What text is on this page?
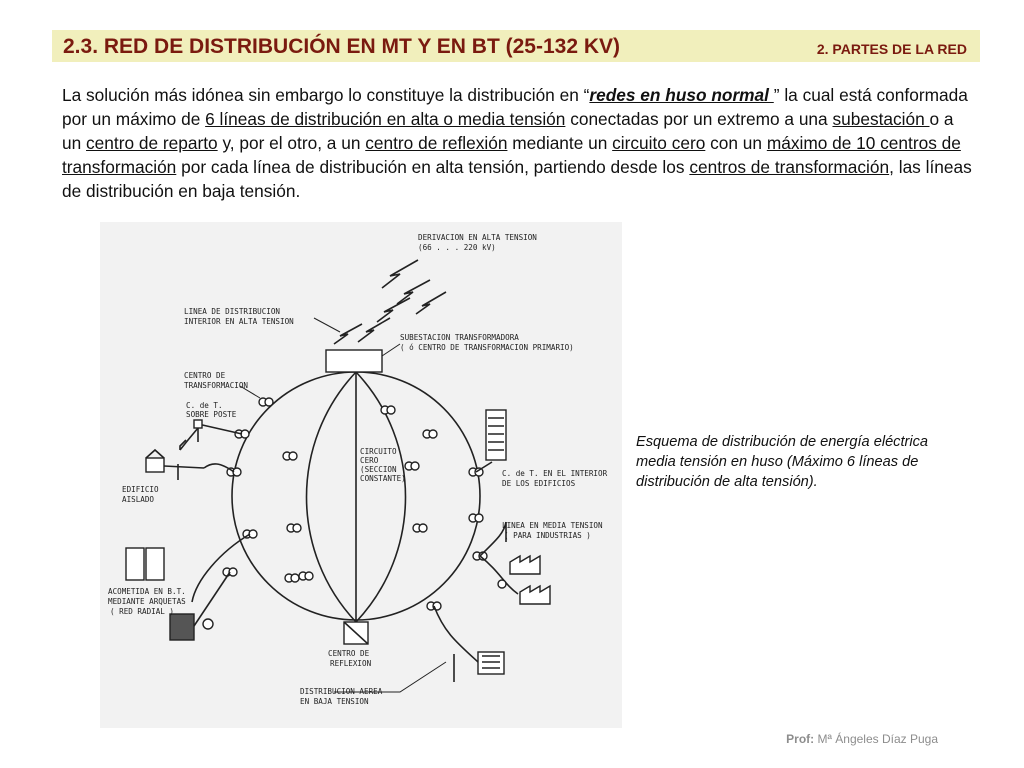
2.3. RED DE DISTRIBUCIÓN EN MT Y EN BT (25-132 KV)	2. PARTES DE LA RED
La solución más idónea sin embargo lo constituye la distribución en “redes en huso normal ” la cual está conformada por un máximo de 6 líneas de distribución en alta o media tensión conectadas por un extremo a una subestación o a un centro de reparto y, por el otro, a un centro de reflexión mediante un circuito cero con un máximo de 10 centros de transformación por cada línea de distribución en alta tensión, partiendo desde los centros de transformación, las líneas de distribución en baja tensión.
DERIVACION EN ALTA TENSION
(66 . . . 220 kV)
LINEA DE DISTRIBUCION
INTERIOR EN ALTA TENSION
SUBESTACION TRANSFORMADORA
( ó CENTRO DE TRANSFORMACION PRIMARIO)
CENTRO DE
TRANSFORMACION
C. de T.
SOBRE POSTE
CIRCUITO
CERO
(SECCION
CONSTANTE)
EDIFICIO
AISLADO
C. de T. EN EL INTERIOR
DE LOS EDIFICIOS
LINEA EN MEDIA TENSION
( PARA INDUSTRIAS )
ACOMETIDA EN B.T.
MEDIANTE ARQUETAS
( RED RADIAL )
CENTRO DE
REFLEXION
DISTRIBUCION AEREA
EN BAJA TENSION
Esquema de distribución de energía eléctrica media tensión en huso (Máximo 6 líneas de distribución de alta tensión).
Prof: Mª Ángeles Díaz Puga
